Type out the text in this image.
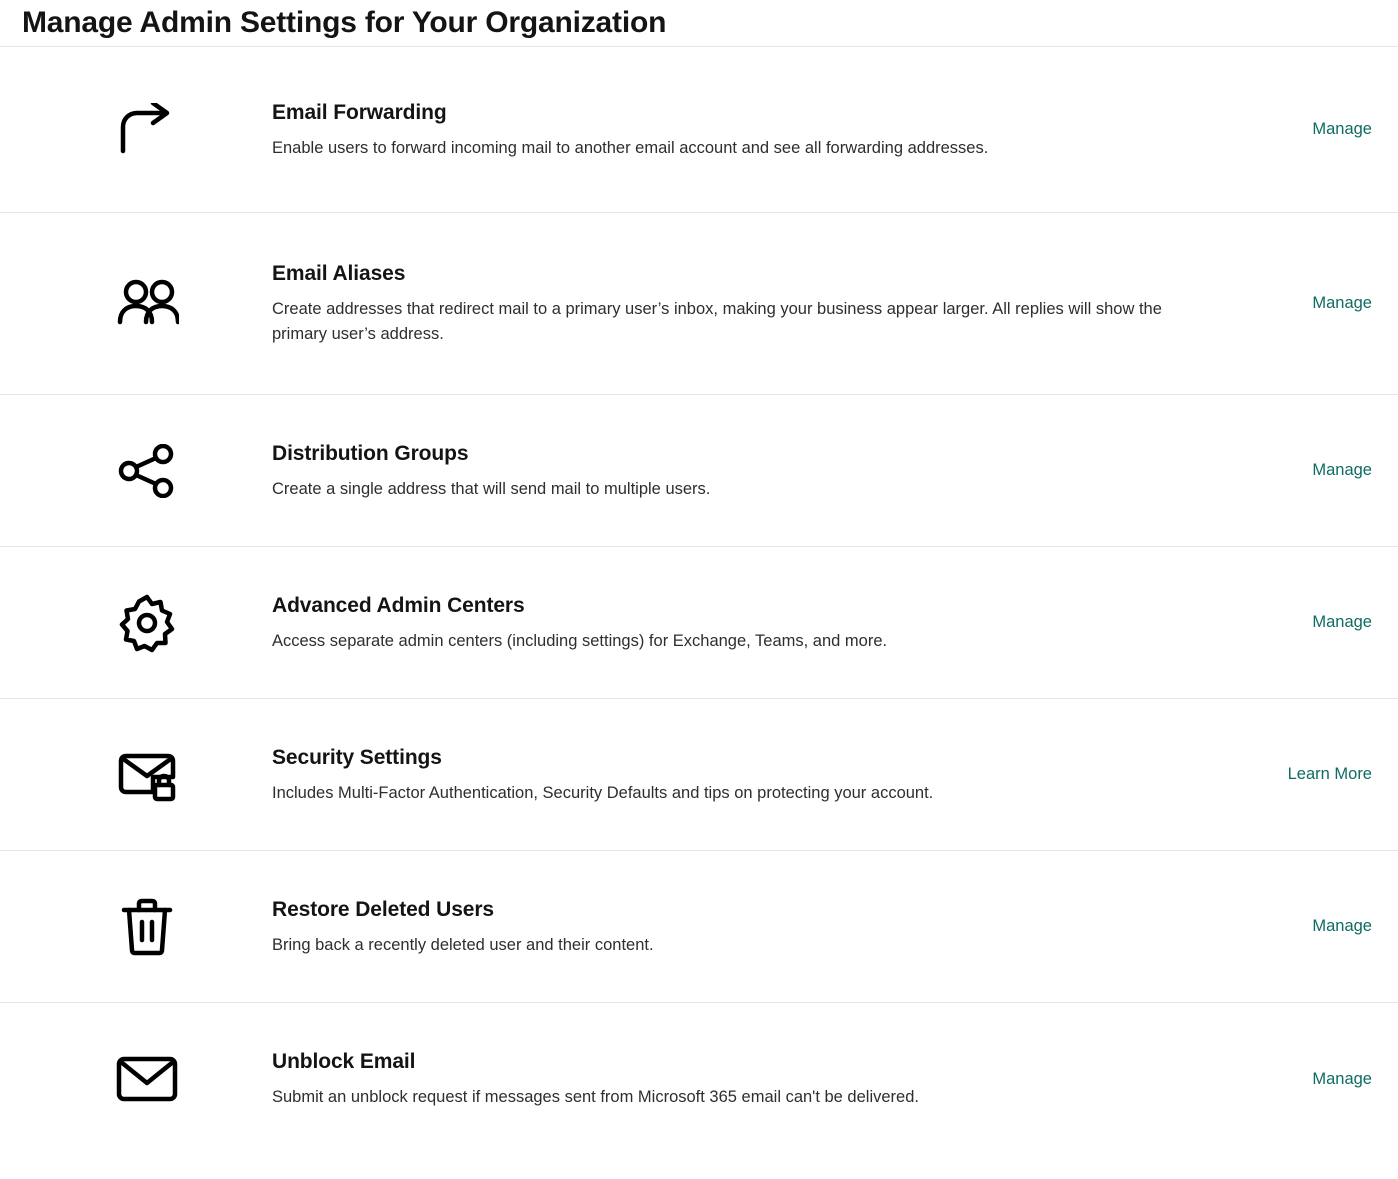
Manage Admin Settings for Your Organization
Email Forwarding
Enable users to forward incoming mail to another email account and see all forwarding addresses.
Manage
Email Aliases
Create addresses that redirect mail to a primary user’s inbox, making your business appear larger. All replies will show the primary user’s address.
Manage
Distribution Groups
Create a single address that will send mail to multiple users.
Manage
Advanced Admin Centers
Access separate admin centers (including settings) for Exchange, Teams, and more.
Manage
Security Settings
Includes Multi-Factor Authentication, Security Defaults and tips on protecting your account.
Learn More
Restore Deleted Users
Bring back a recently deleted user and their content.
Manage
Unblock Email
Submit an unblock request if messages sent from Microsoft 365 email can't be delivered.
Manage
